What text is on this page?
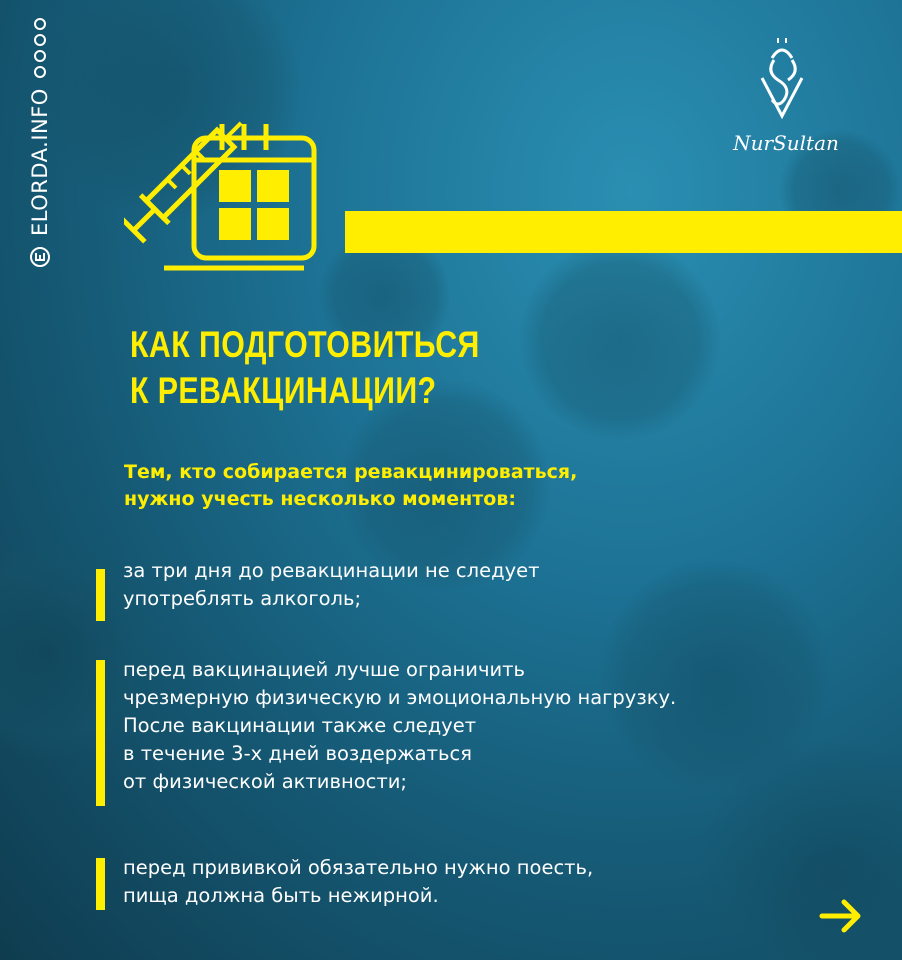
ELORDA.INFO	NurSultan
КАК ПОДГОТОВИТЬСЯ
К РЕВАКЦИНАЦИИ?
Тем, кто собирается ревакцинироваться,
нужно учесть несколько моментов:
за три дня до ревакцинации не следует
употреблять алкоголь;
перед вакцинацией лучше ограничить
чрезмерную физическую и эмоциональную нагрузку.
После вакцинации также следует
в течение 3-х дней воздержаться
от физической активности;
перед прививкой обязательно нужно поесть,
пища должна быть нежирной.
